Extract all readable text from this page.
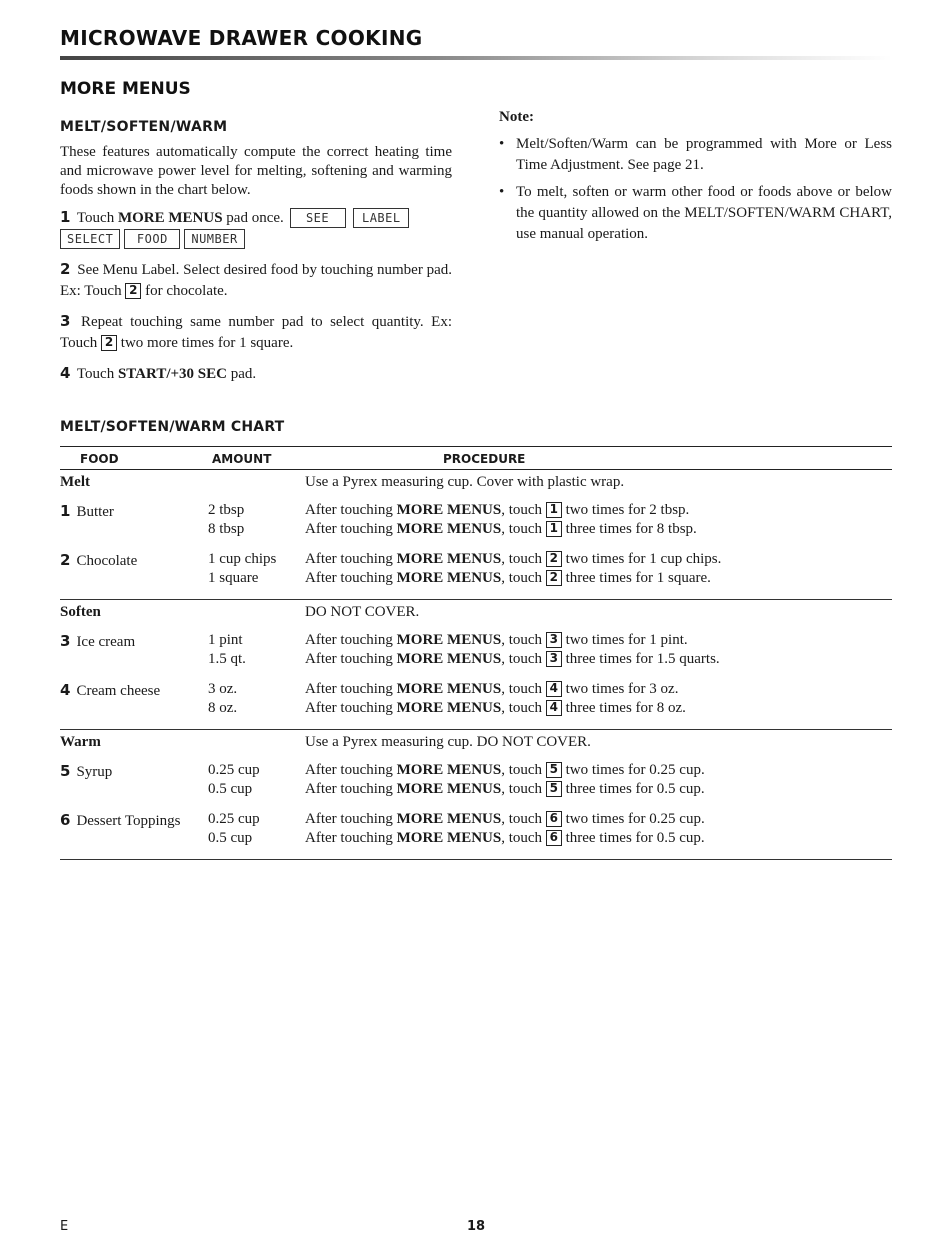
MICROWAVE DRAWER COOKING
MORE MENUS
MELT/SOFTEN/WARM

These features automatically compute the correct heating time and microwave power level for melting, softening and warming foods shown in the chart below.

1 Touch MORE MENUS pad once. SEE	LABEL
SELECT FOOD NUMBER

2 See Menu Label. Select desired food by touching number pad. Ex: Touch 2 for chocolate.

3 Repeat touching same number pad to select quantity. Ex: Touch 2 two more times for 1 square.

4 Touch START/+30 SEC pad.

Note:
• Melt/Soften/Warm can be programmed with More or Less Time Adjustment. See page 21.
• To melt, soften or warm other food or foods above or below the quantity allowed on the MELT/SOFTEN/WARM CHART, use manual operation.
MELT/SOFTEN/WARM CHART
FOOD	AMOUNT	PROCEDURE
Melt	Use a Pyrex measuring cup. Cover with plastic wrap.
1 Butter	2 tbsp	After touching MORE MENUS, touch 1 two times for 2 tbsp.
8 tbsp	After touching MORE MENUS, touch 1 three times for 8 tbsp.
2 Chocolate	1 cup chips After touching MORE MENUS, touch 2 two times for 1 cup chips.
1 square	After touching MORE MENUS, touch 2 three times for 1 square.
Soften	DO NOT COVER.
3 Ice cream	1 pint	After touching MORE MENUS, touch 3 two times for 1 pint.
1.5 qt.	After touching MORE MENUS, touch 3 three times for 1.5 quarts.
4 Cream cheese	3 oz.	After touching MORE MENUS, touch 4 two times for 3 oz.
8 oz.	After touching MORE MENUS, touch 4 three times for 8 oz.
Warm	Use a Pyrex measuring cup. DO NOT COVER.
5 Syrup	0.25 cup	After touching MORE MENUS, touch 5 two times for 0.25 cup.
0.5 cup	After touching MORE MENUS, touch 5 three times for 0.5 cup.
6 Dessert Toppings 0.25 cup	After touching MORE MENUS, touch 6 two times for 0.25 cup.
0.5 cup	After touching MORE MENUS, touch 6 three times for 0.5 cup.
E	18
